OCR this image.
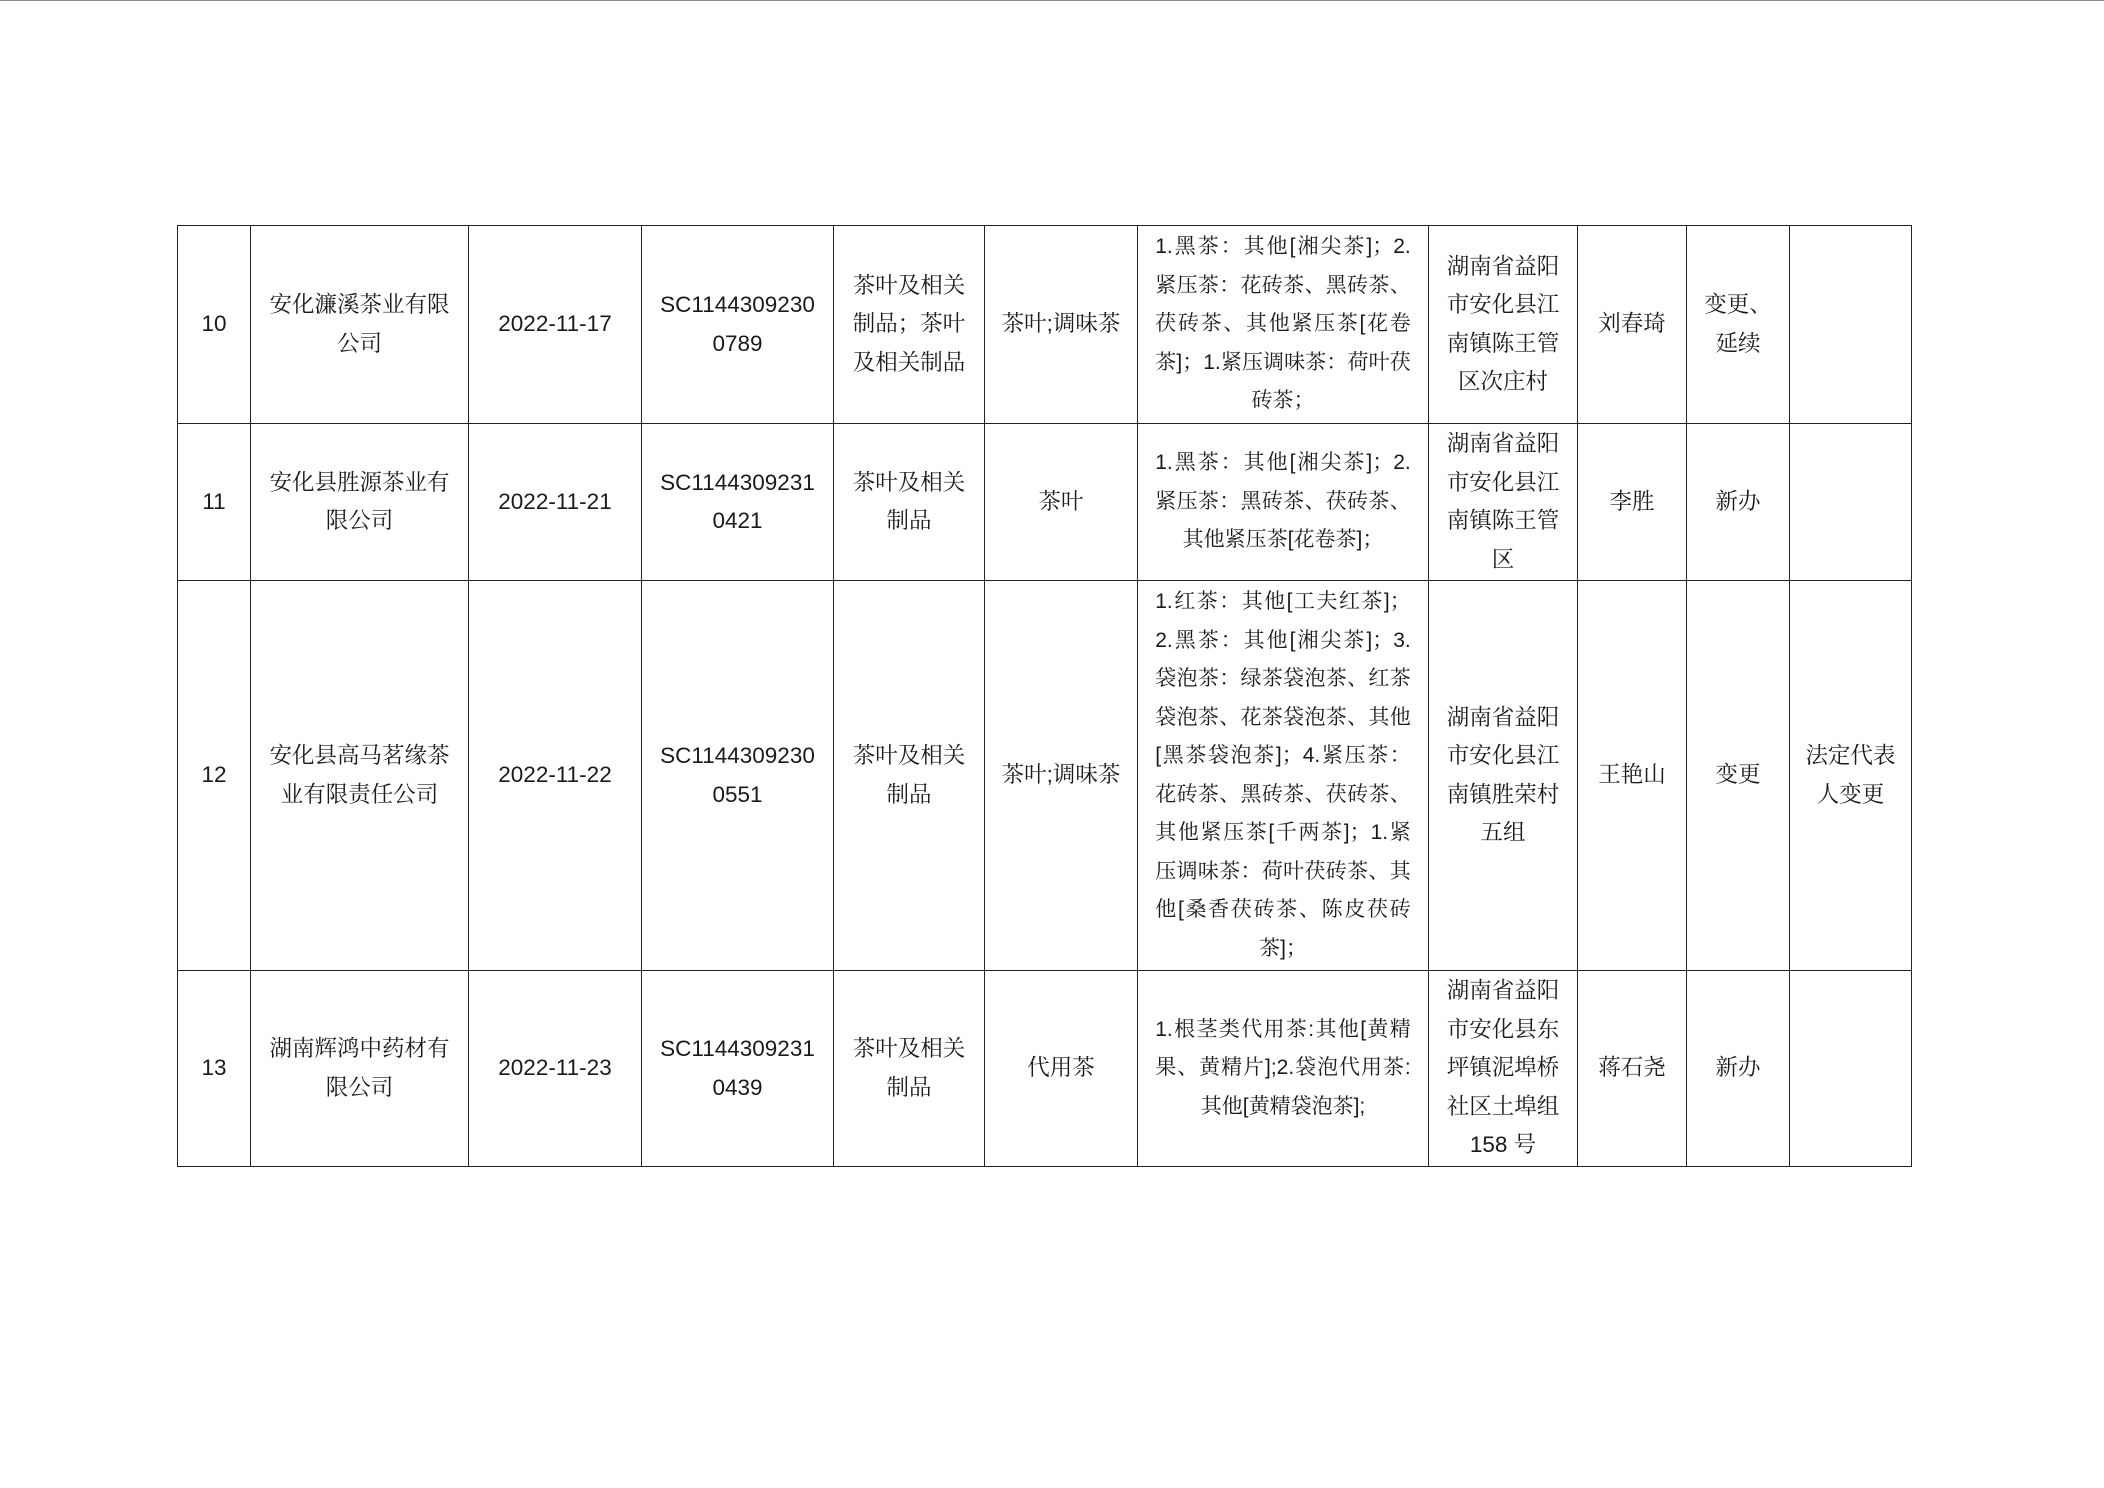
10	安化濂溪茶业有限公司	2022-11-17	SC11443092300789	茶叶及相关制品；茶叶及相关制品	茶叶;调味茶	1.黑茶：其他[湘尖茶]；2.紧压茶：花砖茶、黑砖茶、茯砖茶、其他紧压茶[花卷茶]；1.紧压调味茶：荷叶茯砖茶；	湖南省益阳市安化县江南镇陈王管区次庄村	刘春琦	变更、延续	
11	安化县胜源茶业有限公司	2022-11-21	SC11443092310421	茶叶及相关制品	茶叶	1.黑茶：其他[湘尖茶]；2.紧压茶：黑砖茶、茯砖茶、其他紧压茶[花卷茶]；	湖南省益阳市安化县江南镇陈王管区	李胜	新办	
12	安化县高马茗缘茶业有限责任公司	2022-11-22	SC11443092300551	茶叶及相关制品	茶叶;调味茶	1.红茶：其他[工夫红茶]；2.黑茶：其他[湘尖茶]；3.袋泡茶：绿茶袋泡茶、红茶袋泡茶、花茶袋泡茶、其他[黑茶袋泡茶]；4.紧压茶：花砖茶、黑砖茶、茯砖茶、其他紧压茶[千两茶]；1.紧压调味茶：荷叶茯砖茶、其他[桑香茯砖茶、陈皮茯砖茶]；	湖南省益阳市安化县江南镇胜荣村五组	王艳山	变更	法定代表人变更
13	湖南辉鸿中药材有限公司	2022-11-23	SC11443092310439	茶叶及相关制品	代用茶	1.根茎类代用茶:其他[黄精果、黄精片];2.袋泡代用茶:其他[黄精袋泡茶];	湖南省益阳市安化县东坪镇泥埠桥社区土埠组158 号	蒋石尧	新办	
